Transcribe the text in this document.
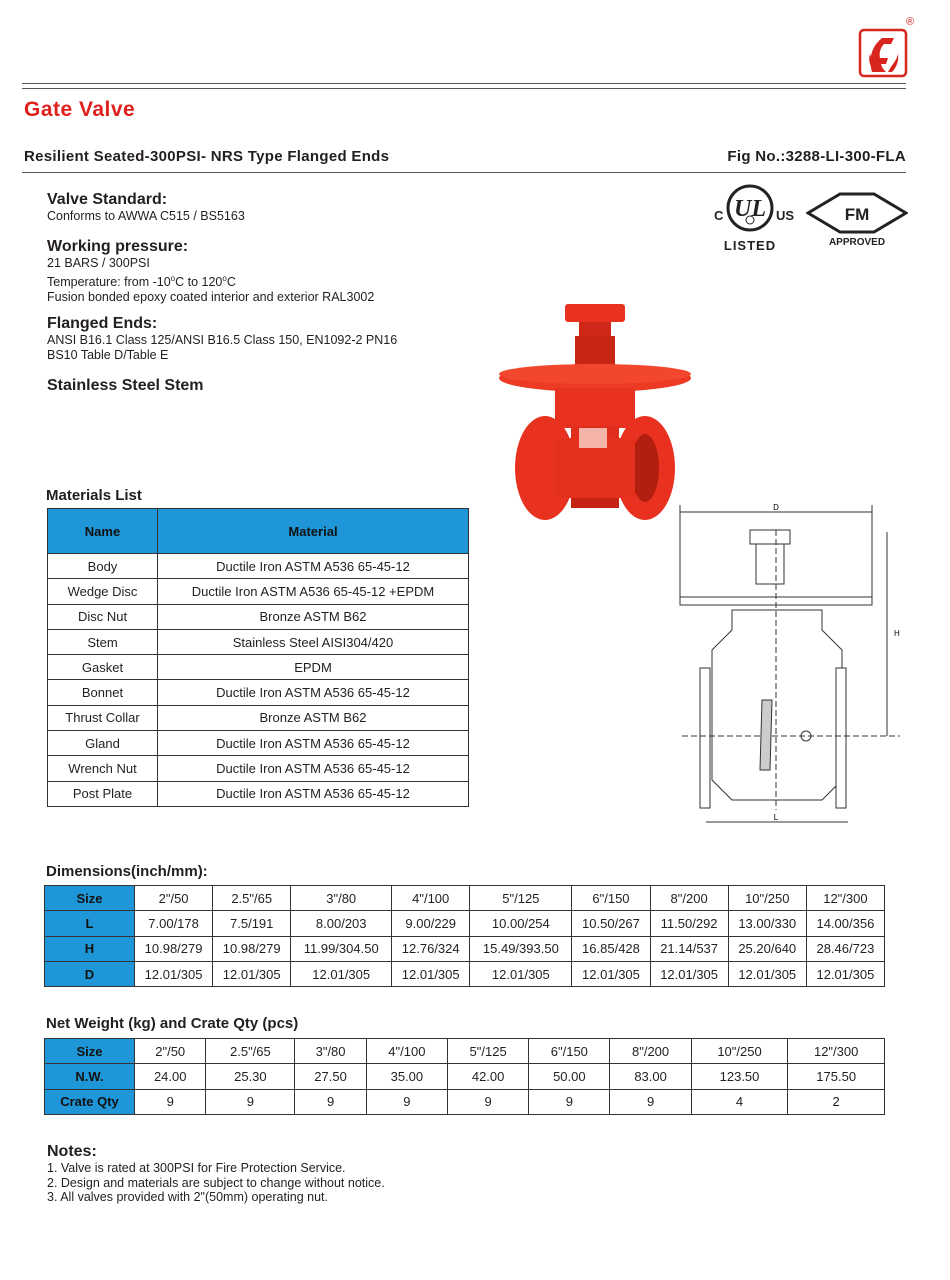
®
Gate Valve
Resilient Seated-300PSI- NRS Type Flanged Ends	Fig No.:3288-LI-300-FLA
Valve Standard:
Conforms to AWWA C515 / BS5163
Working pressure:
21 BARS / 300PSI
Temperature: from -10$^o$C to 120$^o$C
Fusion bonded epoxy coated interior and exterior RAL3002
Flanged Ends:
ANSI B16.1 Class 125/ANSI B16.5 Class 150, EN1092-2 PN16
BS10 Table D/Table E
Stainless Steel Stem
UL
C	US
LISTED
FM
APPROVED
D
H
L
Materials List
Name	Material
Body	Ductile Iron ASTM A536 65-45-12
Wedge Disc	Ductile Iron ASTM A536 65-45-12 +EPDM
Disc Nut	Bronze ASTM B62
Stem	Stainless Steel AISI304/420
Gasket	EPDM
Bonnet	Ductile Iron ASTM A536 65-45-12
Thrust Collar	Bronze ASTM B62
Gland	Ductile Iron ASTM A536 65-45-12
Wrench Nut	Ductile Iron ASTM A536 65-45-12
Post Plate	Ductile Iron ASTM A536 65-45-12
Dimensions(inch/mm):
Size	2"/50	2.5"/65	3"/80	4"/100	5"/125	6"/150	8"/200	10"/250	12"/300
L	7.00/178	7.5/191	8.00/203	9.00/229	10.00/254	10.50/267	11.50/292	13.00/330	14.00/356
H	10.98/279	10.98/279	11.99/304.50	12.76/324	15.49/393.50	16.85/428	21.14/537	25.20/640	28.46/723
D	12.01/305	12.01/305	12.01/305	12.01/305	12.01/305	12.01/305	12.01/305	12.01/305	12.01/305
Net Weight (kg) and Crate Qty (pcs)
Size	2"/50	2.5"/65	3"/80	4"/100	5"/125	6"/150	8"/200	10"/250	12"/300
N.W.	24.00	25.30	27.50	35.00	42.00	50.00	83.00	123.50	175.50
Crate Qty	9	9	9	9	9	9	9	4	2
Notes:
1. Valve is rated at 300PSI for Fire Protection Service.
2. Design and materials are subject to change without notice.
3. All valves provided with 2"(50mm) operating nut.
